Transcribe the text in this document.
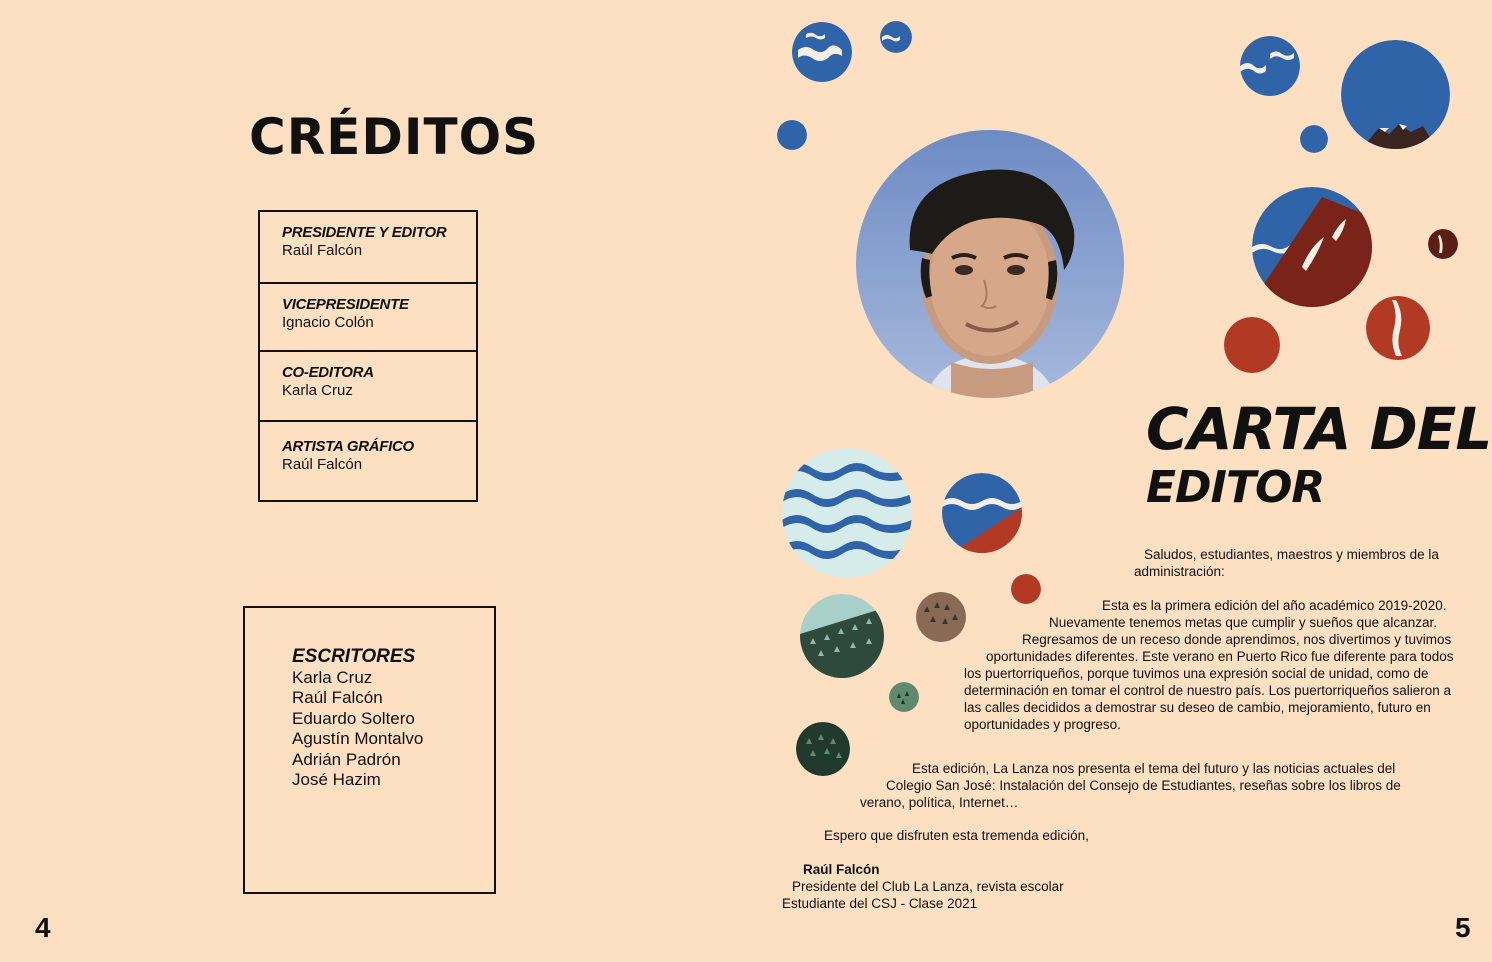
CRÉDITOS
PRESIDENTE Y EDITOR
Raúl Falcón
VICEPRESIDENTE
Ignacio Colón
CO-EDITORA
Karla Cruz
ARTISTA GRÁFICO
Raúl Falcón
ESCRITORES
Karla Cruz
Raúl Falcón
Eduardo Soltero
Agustín Montalvo
Adrián Padrón
José Hazim
4
CARTA DEL
EDITOR
Saludos, estudiantes, maestros y miembros de la
administración:
Esta es la primera edición del año académico 2019-2020.
Nuevamente tenemos metas que cumplir y sueños que alcanzar.
Regresamos de un receso donde aprendimos, nos divertimos y tuvimos
oportunidades diferentes. Este verano en Puerto Rico fue diferente para todos
los puertorriqueños, porque tuvimos una expresión social de unidad, como de
determinación en tomar el control de nuestro país. Los puertorriqueños salieron a
las calles decididos a demostrar su deseo de cambio, mejoramiento, futuro en
oportunidades y progreso.
Esta edición, La Lanza nos presenta el tema del futuro y las noticias actuales del
Colegio San José: Instalación del Consejo de Estudiantes, reseñas sobre los libros de
verano, política, Internet…
Espero que disfruten esta tremenda edición,
Raúl Falcón
Presidente del Club La Lanza, revista escolar
Estudiante del CSJ - Clase 2021
5
